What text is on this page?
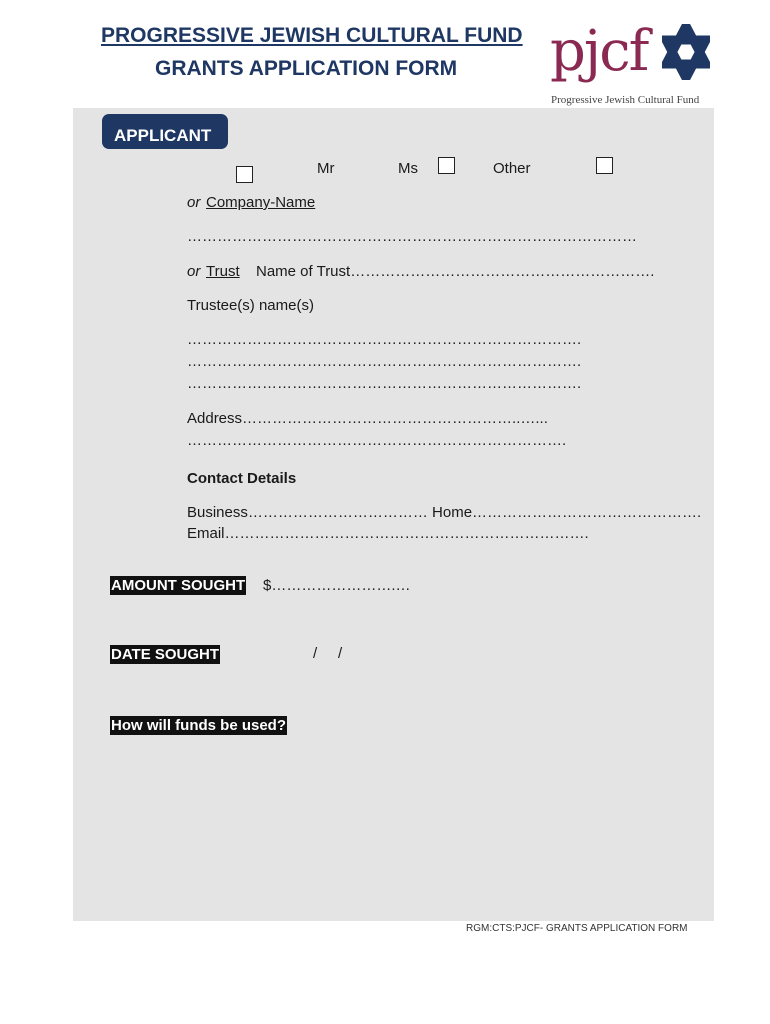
PROGRESSIVE JEWISH CULTURAL FUND
GRANTS APPLICATION FORM pjcf
Progressive Jewish Cultural Fund
APPLICANT
Mr	Ms	Other
or Company-Name
………………………………………………………………………………
or Trust Name of Trust…………………………………………………….
Trustee(s) name(s)
…………………………………………………………………….
…………………………………………………………………….
…………………………………………………………………….
Address………………………………………………..…...
………………………………………………………………….
Contact Details
Business……………………………… Home……………………………………….
Email……………………………………………………………….
AMOUNT SOUGHT $…………………….…
DATE SOUGHT	/     /
How will funds be used?
RGM:CTS:PJCF- GRANTS APPLICATION FORM
